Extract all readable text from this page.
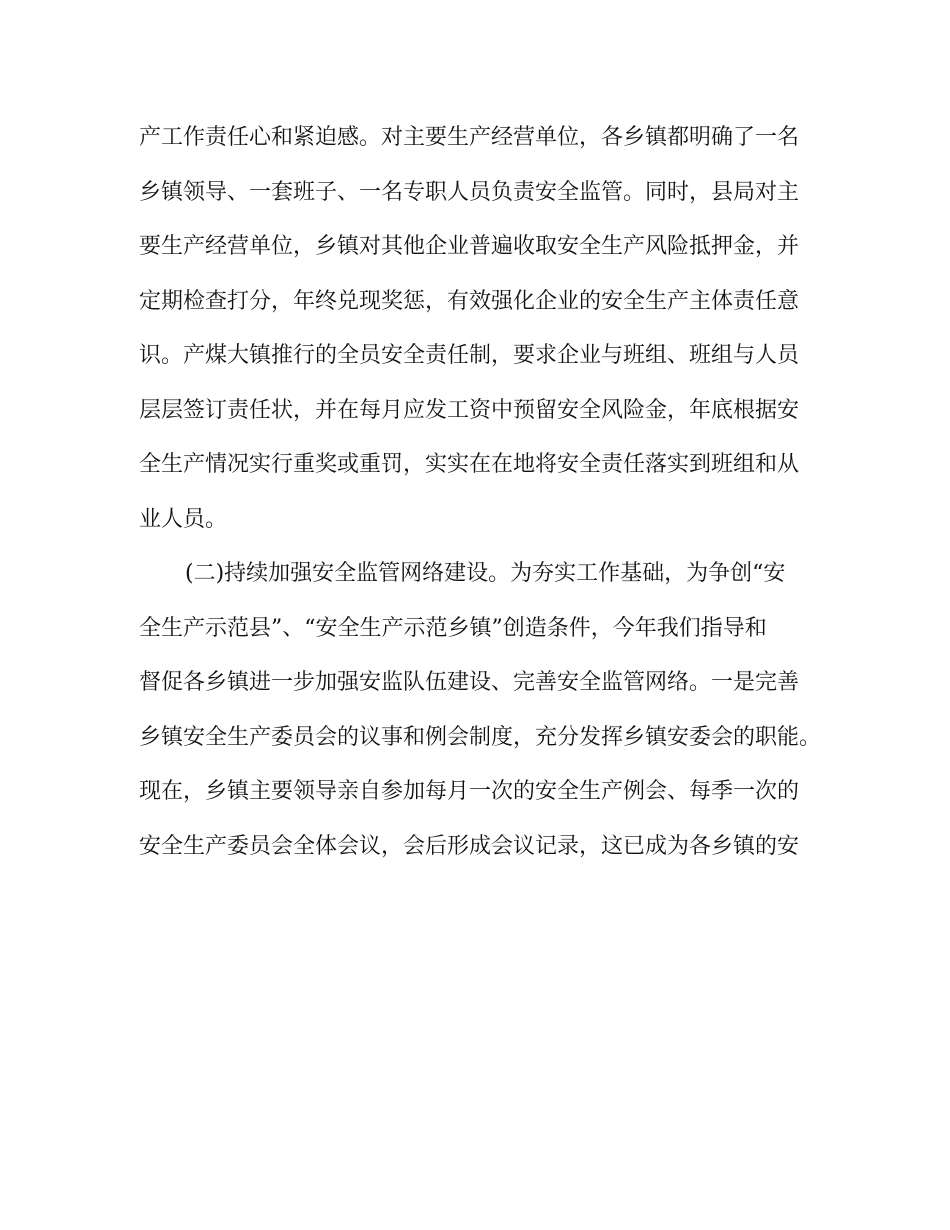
产工作责任心和紧迫感。对主要生产经营单位，各乡镇都明确了一名
乡镇领导、一套班子、一名专职人员负责安全监管。同时，县局对主
要生产经营单位，乡镇对其他企业普遍收取安全生产风险抵押金，并
定期检查打分，年终兑现奖惩，有效强化企业的安全生产主体责任意
识。产煤大镇推行的全员安全责任制，要求企业与班组、班组与人员
层层签订责任状，并在每月应发工资中预留安全风险金，年底根据安
全生产情况实行重奖或重罚，实实在在地将安全责任落实到班组和从
业人员。
(二)持续加强安全监管网络建设。为夯实工作基础，为争创“安
全生产示范县”、“安全生产示范乡镇”创造条件，今年我们指导和
督促各乡镇进一步加强安监队伍建设、完善安全监管网络。一是完善
乡镇安全生产委员会的议事和例会制度，充分发挥乡镇安委会的职能。
现在，乡镇主要领导亲自参加每月一次的安全生产例会、每季一次的
安全生产委员会全体会议，会后形成会议记录，这已成为各乡镇的安
